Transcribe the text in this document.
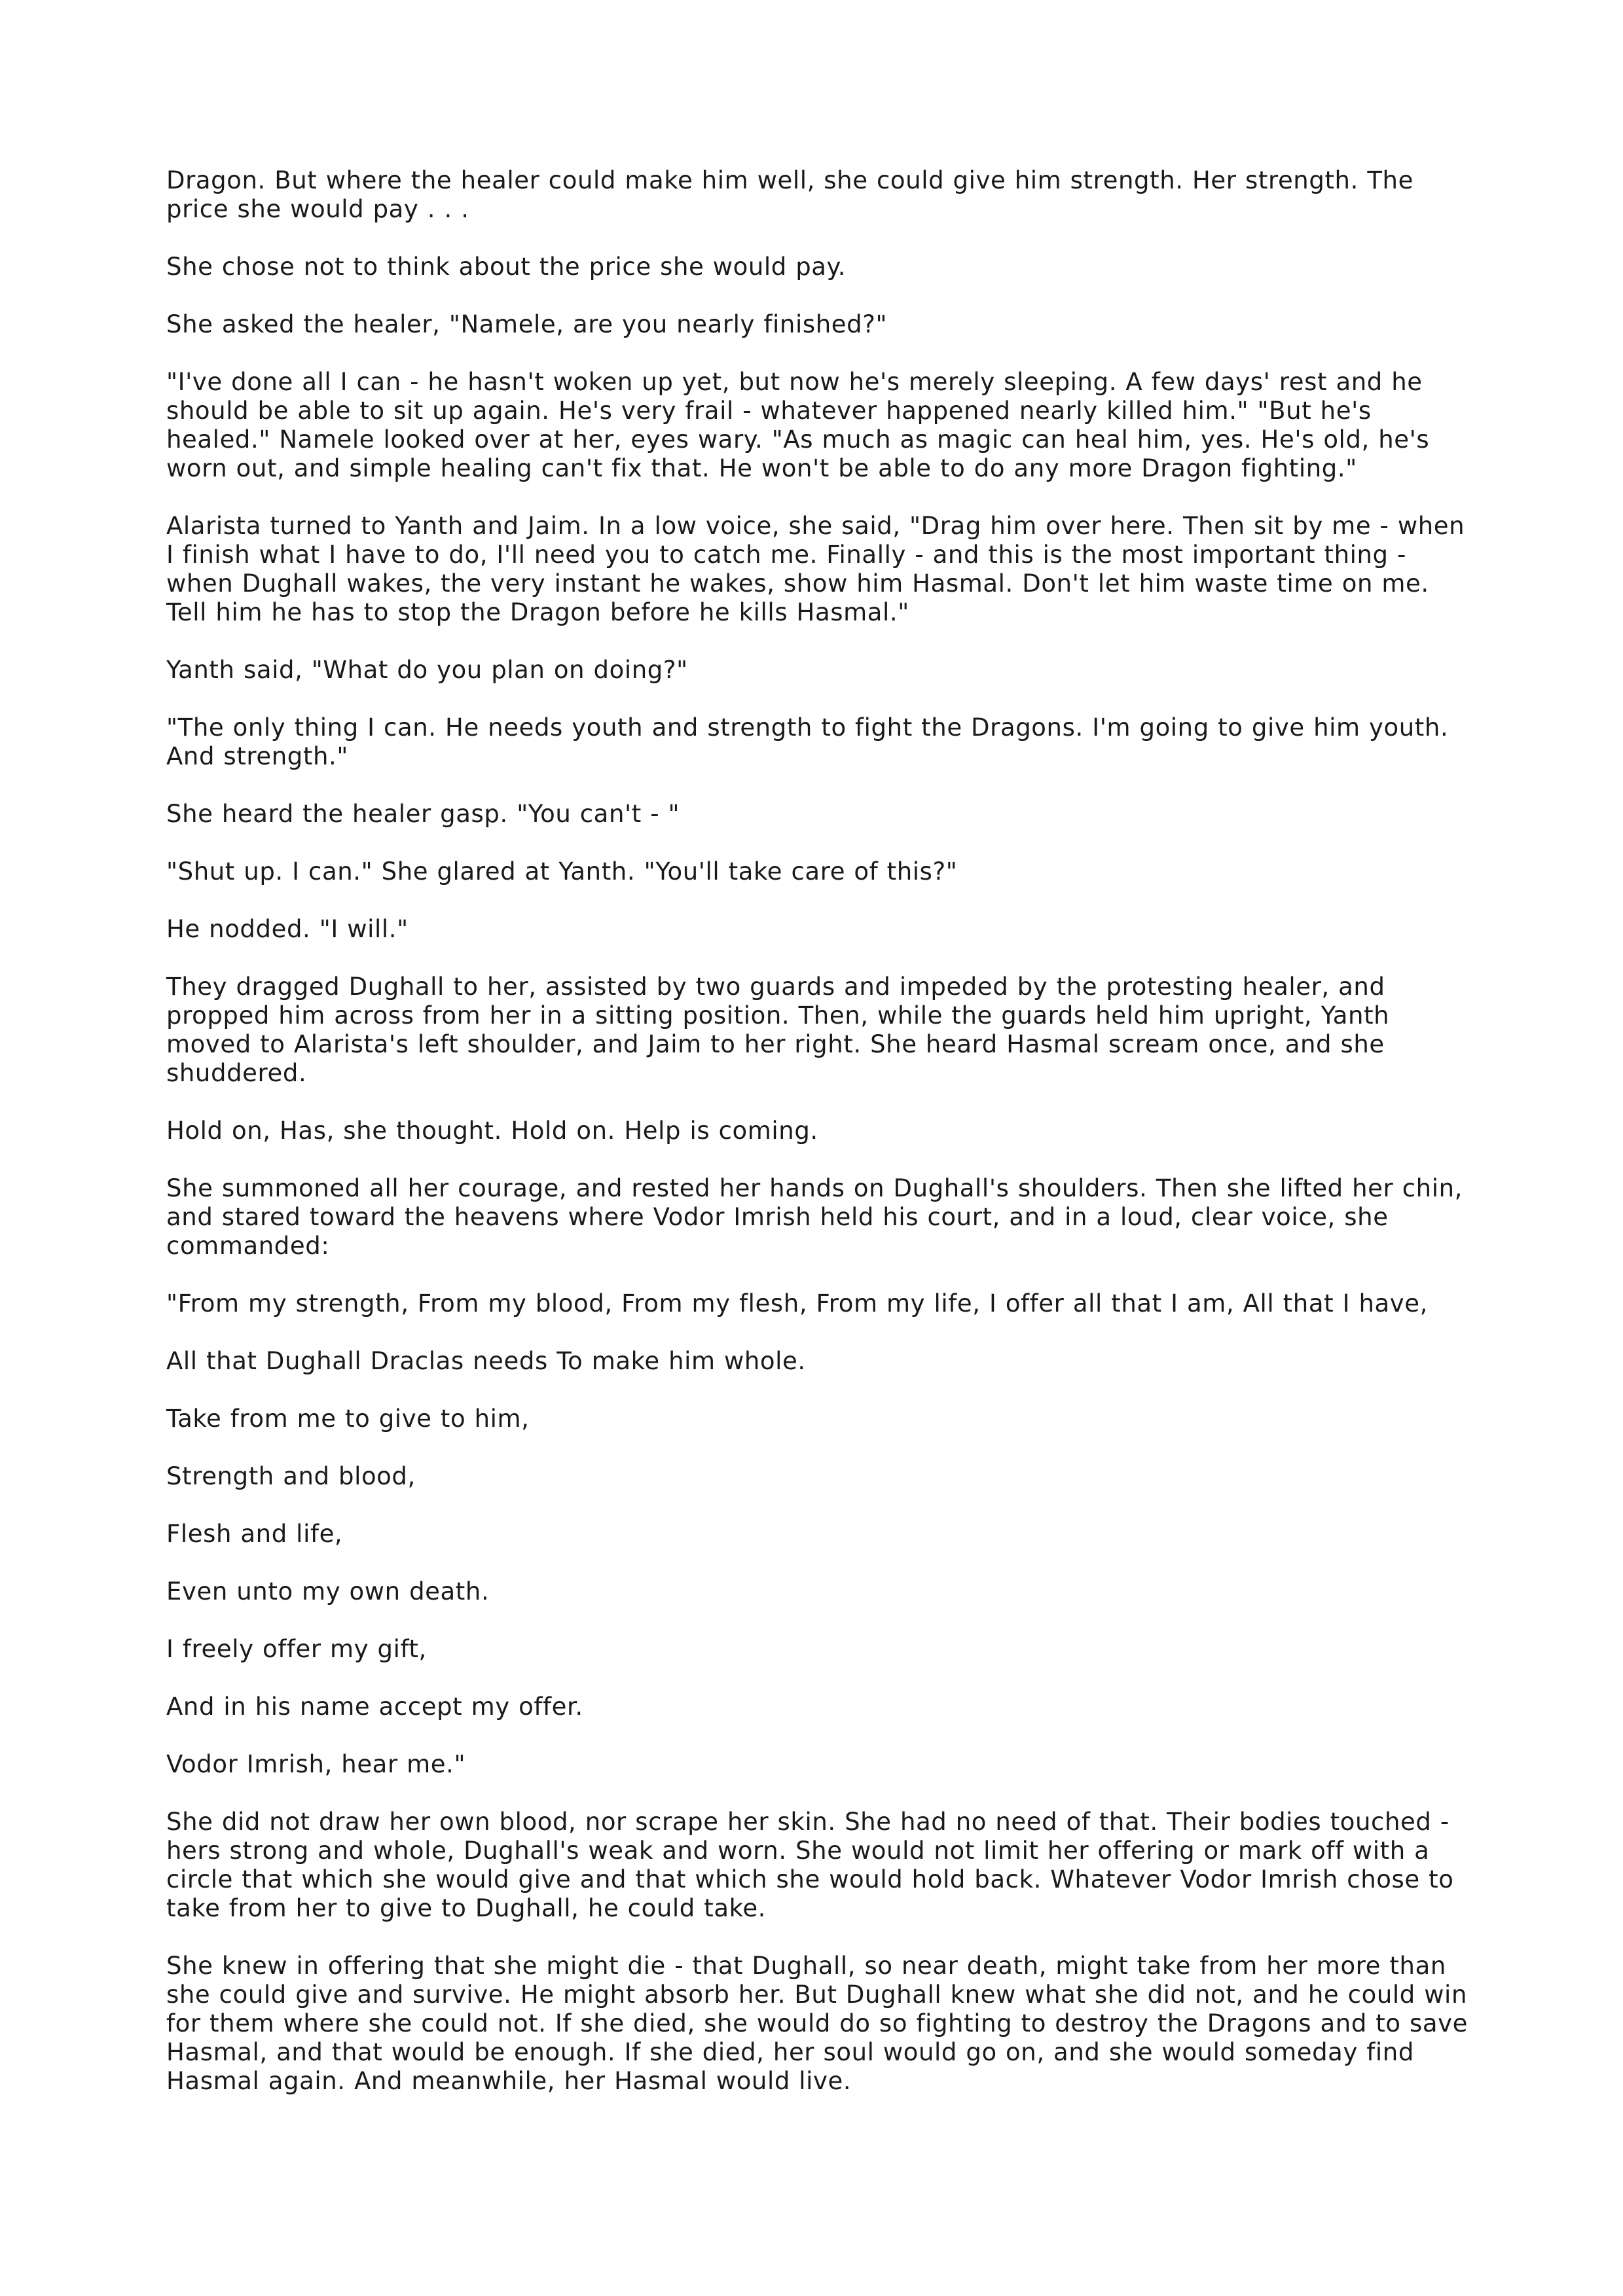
Dragon. But where the healer could make him well, she could give him strength. Her strength. The price she would pay . . .

She chose not to think about the price she would pay.

She asked the healer, "Namele, are you nearly finished?"

"I've done all I can - he hasn't woken up yet, but now he's merely sleeping. A few days' rest and he should be able to sit up again. He's very frail - whatever happened nearly killed him." "But he's healed." Namele looked over at her, eyes wary. "As much as magic can heal him, yes. He's old, he's worn out, and simple healing can't fix that. He won't be able to do any more Dragon fighting."

Alarista turned to Yanth and Jaim. In a low voice, she said, "Drag him over here. Then sit by me - when I finish what I have to do, I'll need you to catch me. Finally - and this is the most important thing - when Dughall wakes, the very instant he wakes, show him Hasmal. Don't let him waste time on me. Tell him he has to stop the Dragon before he kills Hasmal."

Yanth said, "What do you plan on doing?"

"The only thing I can. He needs youth and strength to fight the Dragons. I'm going to give him youth. And strength."

She heard the healer gasp. "You can't - "

"Shut up. I can." She glared at Yanth. "You'll take care of this?"

He nodded. "I will."

They dragged Dughall to her, assisted by two guards and impeded by the protesting healer, and propped him across from her in a sitting position. Then, while the guards held him upright, Yanth moved to Alarista's left shoulder, and Jaim to her right. She heard Hasmal scream once, and she shuddered.

Hold on, Has, she thought. Hold on. Help is coming.

She summoned all her courage, and rested her hands on Dughall's shoulders. Then she lifted her chin, and stared toward the heavens where Vodor Imrish held his court, and in a loud, clear voice, she commanded:

"From my strength, From my blood, From my flesh, From my life, I offer all that I am, All that I have,

All that Dughall Draclas needs To make him whole.

Take from me to give to him,

Strength and blood,

Flesh and life,

Even unto my own death.

I freely offer my gift,

And in his name accept my offer.

Vodor Imrish, hear me."

She did not draw her own blood, nor scrape her skin. She had no need of that. Their bodies touched - hers strong and whole, Dughall's weak and worn. She would not limit her offering or mark off with a circle that which she would give and that which she would hold back. Whatever Vodor Imrish chose to take from her to give to Dughall, he could take.

She knew in offering that she might die - that Dughall, so near death, might take from her more than she could give and survive. He might absorb her. But Dughall knew what she did not, and he could win for them where she could not. If she died, she would do so fighting to destroy the Dragons and to save Hasmal, and that would be enough. If she died, her soul would go on, and she would someday find Hasmal again. And meanwhile, her Hasmal would live.
